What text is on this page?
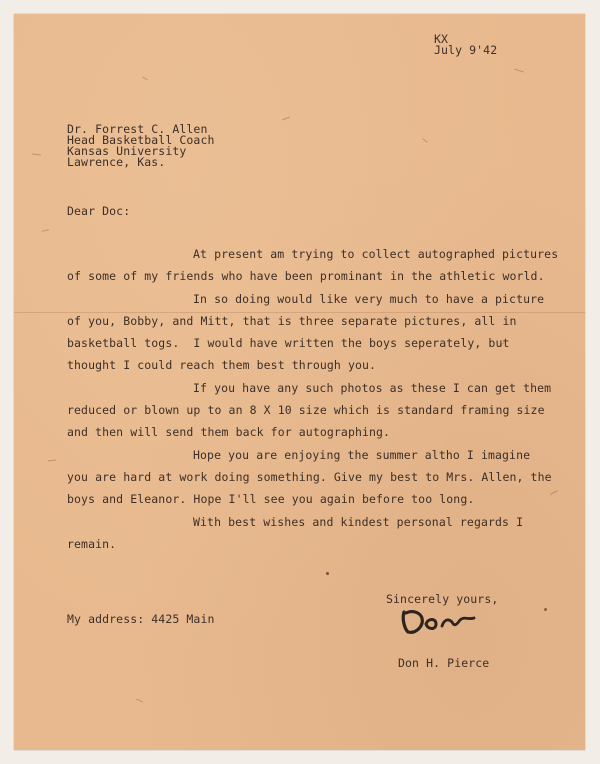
KX
July 9'42
Dr. Forrest C. Allen
Head Basketball Coach
Kansas University
Lawrence, Kas.
Dear Doc:
At present am trying to collect autographed pictures
of some of my friends who have been prominant in the athletic world.
In so doing would like very much to have a picture
of you, Bobby, and Mitt, that is three separate pictures, all in
basketball togs.  I would have written the boys seperately, but
thought I could reach them best through you.
If you have any such photos as these I can get them
reduced or blown up to an 8 X 10 size which is standard framing size
and then will send them back for autographing.
Hope you are enjoying the summer altho I imagine
you are hard at work doing something. Give my best to Mrs. Allen, the
boys and Eleanor. Hope I'll see you again before too long.
With best wishes and kindest personal regards I
remain.
Sincerely yours,
My address: 4425 Main
Don H. Pierce
